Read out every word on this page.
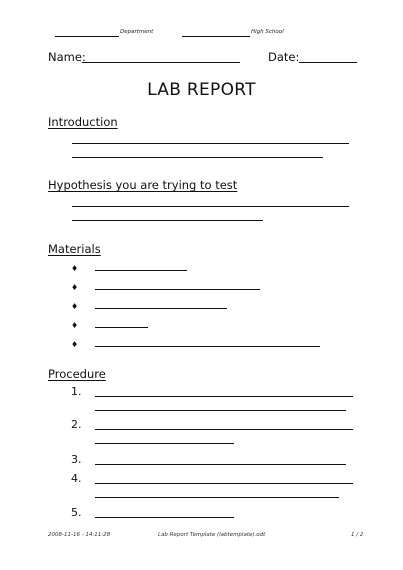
Department	High School
Name:	Date:
LAB REPORT
Introduction
Hypothesis you are trying to test
Materials
♦
♦
♦
♦
♦
Procedure
1.
2.
3.
4.
5.
2008-11-16 - 14:11:28	Lab Report Template (labtemplate).odt	1 / 2
